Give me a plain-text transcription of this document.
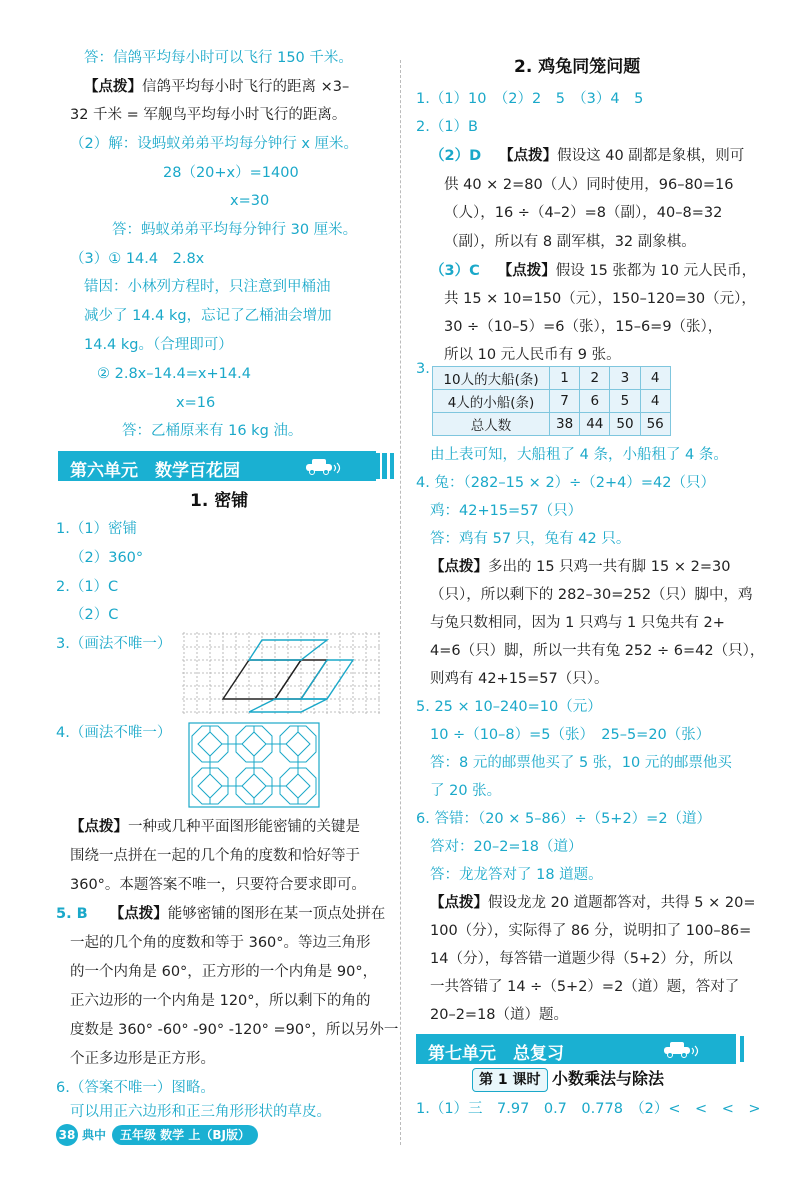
答：信鸽平均每小时可以飞行 150 千米。
【点拨】信鸽平均每小时飞行的距离 ×3–
32 千米 = 军舰鸟平均每小时飞行的距离。
（2）解：设蚂蚁弟弟平均每分钟行 x 厘米。
28（20+x）=1400
x=30
答：蚂蚁弟弟平均每分钟行 30 厘米。
（3）① 14.4　2.8x
错因：小林列方程时，只注意到甲桶油
减少了 14.4 kg，忘记了乙桶油会增加
14.4 kg。（合理即可）
② 2.8x–14.4=x+14.4
x=16
答：乙桶原来有 16 kg 油。
第六单元　数学百花园
1. 密铺
1.（1）密铺
（2）360°
2.（1）C
（2）C
3.（画法不唯一）
4.（画法不唯一）
【点拨】一种或几种平面图形能密铺的关键是
围绕一点拼在一起的几个角的度数和恰好等于
360°。本题答案不唯一，只要符合要求即可。
5. B 【点拨】能够密铺的图形在某一顶点处拼在
一起的几个角的度数和等于 360°。等边三角形
的一个内角是 60°，正方形的一个内角是 90°，
正六边形的一个内角是 120°，所以剩下的角的
度数是 360° -60° -90° -120° =90°，所以另外一
个正多边形是正方形。
6.（答案不唯一）图略。
可以用正六边形和正三角形形状的草皮。
2. 鸡兔同笼问题
1.（1）10　（2）2　5　（3）4　5
2.（1）B
（2）D 【点拨】假设这 40 副都是象棋，则可
供 40 × 2=80（人）同时使用，96–80=16
（人），16 ÷（4–2）=8（副），40–8=32
（副），所以有 8 副军棋，32 副象棋。
（3）C 【点拨】假设 15 张都为 10 元人民币，
共 15 × 10=150（元），150–120=30（元），
30 ÷（10–5）=6（张），15–6=9（张），
所以 10 元人民币有 9 张。
3.
10人的大船(条)	1	2	3	4
4人的小船(条)	7	6	5	4
总人数	38	44	50	56
由上表可知，大船租了 4 条，小船租了 4 条。
4. 兔：（282–15 × 2）÷（2+4）=42（只）
鸡：42+15=57（只）
答：鸡有 57 只，兔有 42 只。
【点拨】多出的 15 只鸡一共有脚 15 × 2=30
（只），所以剩下的 282–30=252（只）脚中，鸡
与兔只数相同，因为 1 只鸡与 1 只兔共有 2+
4=6（只）脚，所以一共有兔 252 ÷ 6=42（只），
则鸡有 42+15=57（只）。
5. 25 × 10–240=10（元）
10 ÷（10–8）=5（张）　25–5=20（张）
答：8 元的邮票他买了 5 张，10 元的邮票他买
了 20 张。
6. 答错：（20 × 5–86）÷（5+2）=2（道）
答对：20–2=18（道）
答：龙龙答对了 18 道题。
【点拨】假设龙龙 20 道题都答对，共得 5 × 20=
100（分），实际得了 86 分，说明扣了 100–86=
14（分），每答错一道题少得（5+2）分，所以
一共答错了 14 ÷（5+2）=2（道）题，答对了
20–2=18（道）题。
第七单元　总复习
第 1 课时 小数乘法与除法
1.（1）三　7.97　0.7　0.778　（2）<　<　<　>
38 典中	五年级 数学 上（BJ版）
